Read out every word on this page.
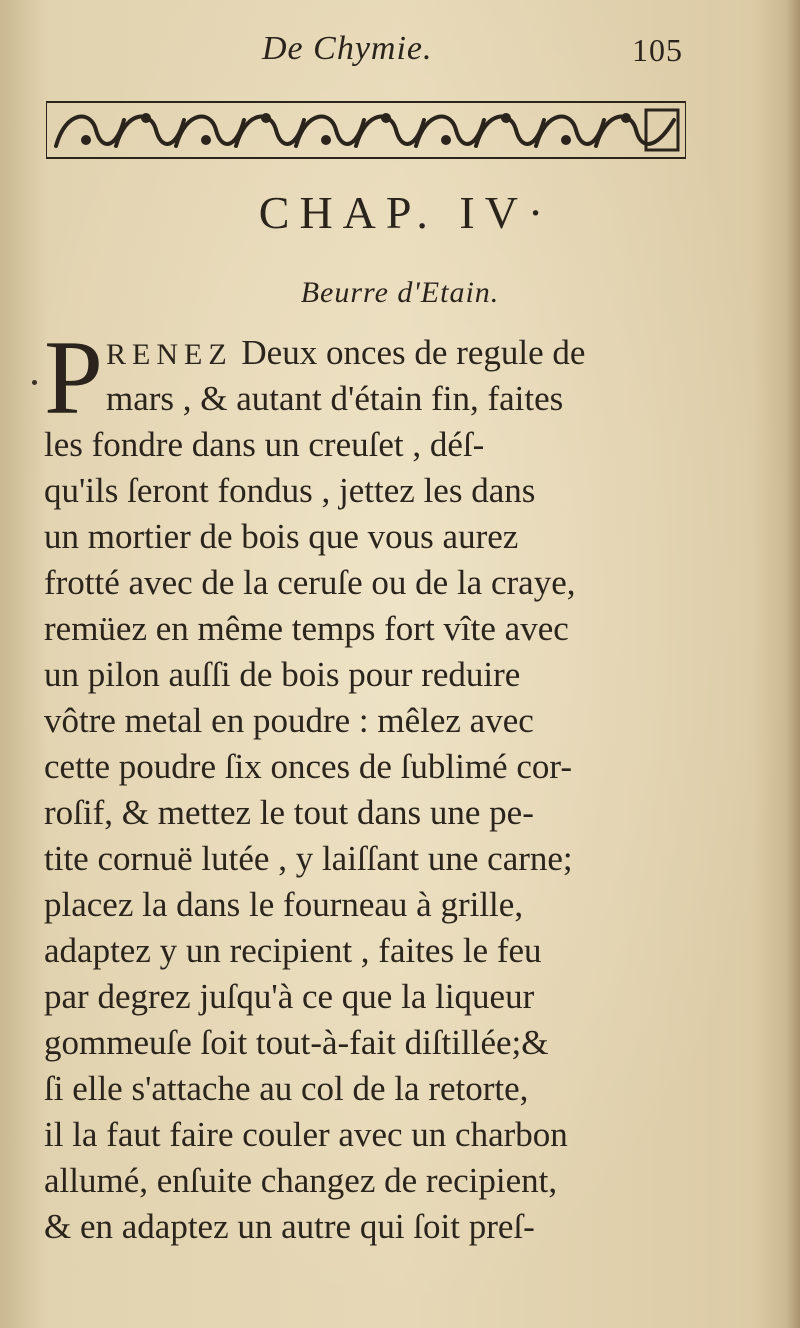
De Chymie.	105
CHAP. IV·
Beurre d'Etain.
P RENEZ Deux onces de regule de
mars , & autant d'étain fin, faites
les fondre dans un creuſet , déſ-
qu'ils ſeront fondus , jettez les dans
un mortier de bois que vous aurez
frotté avec de la ceruſe ou de la craye,
remüez en même temps fort vîte avec
un pilon auſſi de bois pour reduire
vôtre metal en poudre : mêlez avec
cette poudre ſix onces de ſublimé cor-
roſif, & mettez le tout dans une pe-
tite cornuë lutée , y laiſſant une carne;
placez la dans le fourneau à grille,
adaptez y un recipient , faites le feu
par degrez juſqu'à ce que la liqueur
gommeuſe ſoit tout-à-fait diſtillée;&
ſi elle s'attache au col de la retorte,
il la faut faire couler avec un charbon
allumé, enſuite changez de recipient,
& en adaptez un autre qui ſoit preſ-
